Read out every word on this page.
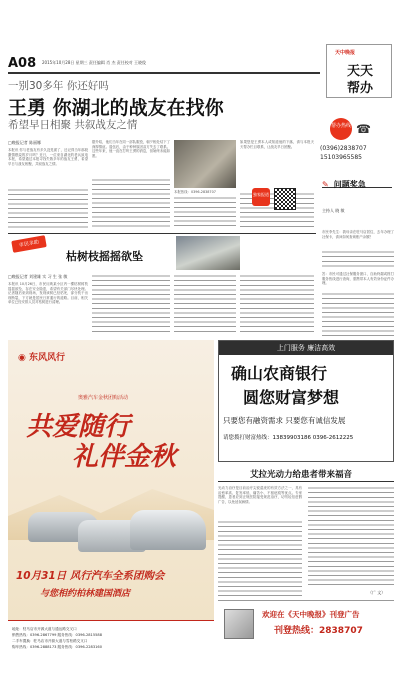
A08 2015年10月28日 星期三 责任编辑 肖 杰 责任校对 王晓俊
天中晚报
天天
帮办
一别30多年 你还好吗
王勇 你湖北的战友在找你
希望早日相聚 共叙战友之情	帮办热线 ☎
(0396)2838707
15103965585
□晚报记者 陈丽娜
本报讯 你与老战友有多久没见面了，还记得当年那段激情燃烧的岁月吗？近日，一位来自湖北的老兵致电本报，希望通过本报寻找失散多年的战友王勇，希望早日与战友相聚，共叙战友之情。
据介绍，他们当年在同一部队服役，朝夕相处结下了深厚情谊。退伍后，由于种种原因双方失去了联系。这些年来，他一直在打听王勇的消息，但始终未能如愿。
本报热线：0396-2838707
如果您是王勇本人或知道他的下落，请与本报天天帮办栏目联系，让战友早日团聚。
独家报道
✎ 问题奖急
主持人 晓 敏
市民李先生：我母亲在驻马店居住，去年办理了社保卡，请问如何查询账户余额？
答：市民可通过社保服务窗口、自助终端或拨打服务热线进行查询，需携带本人有效身份证件办理。
市民求助
枯树枝摇摇欲坠
□晚报记者 刘建雄 实 习 生 张 敏
本报讯 10月26日，市民反映某小区内一棵枯树树枝摇摇欲坠，存在安全隐患，希望有关部门尽快处理。记者随后来到现场，发现该树已经枯死，部分枝干出现断裂，下方就是居民日常通行的道路。目前，相关单位已经安排人员对枯树进行清理。
◉ 东风风行
奥雅汽车金秋团购活动
共爱随行
礼伴金秋
10月31日 风行汽车全系团购会
与您相约柏林建国酒店
地址：驻马店市开源大道与通达路交叉口
销售热线：0396-2867799 服务热线：0396-2815588
二手车置换：驻马店市开源大道与雪松路交叉口
购车热线：0396-2888173 服务热线：0396-2283160
上门服务 廉洁高效
确山农商银行
圆您财富梦想
只要您有融资需求 只要您有诚信发展
请您拨打财富热线：13839903186 0396-2612225
艾拉光动力给患者带来福音
光动力治疗是目前治疗尖锐湿疣的有效方法之一，具有治愈率高、复发率低、痛苦小、不留疤痕等优点。专家提醒，患者应到正规医院接受规范治疗，切勿轻信虚假广告，以免延误病情。
（广 文）
欢迎在《天中晚报》刊登广告
刊登热线：2838707
